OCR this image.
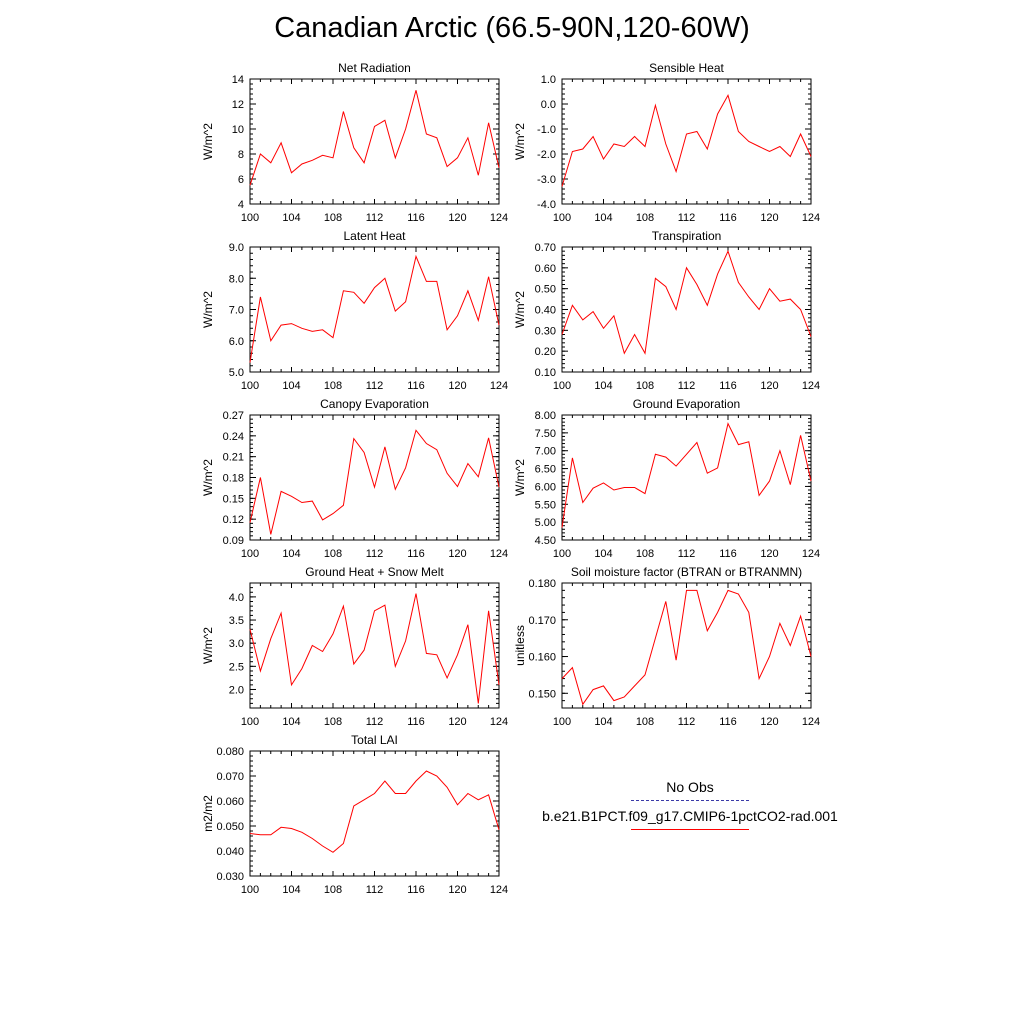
Canadian Arctic (66.5-90N,120-60W)
100 104 108 112 116 120 124
4
6
8
10
12
14
Net Radiation
W/m^2
100 104 108 112 116 120 124
-4.0
-3.0
-2.0
-1.0
0.0
1.0
Sensible Heat
W/m^2
100 104 108 112 116 120 124
5.0
6.0
7.0
8.0
9.0
Latent Heat
W/m^2
100 104 108 112 116 120 124
0.10
0.20
0.30
0.40
0.50
0.60
0.70
Transpiration
W/m^2
100 104 108 112 116 120 124
0.09
0.12
0.15
0.18
0.21
0.24
0.27
Canopy Evaporation
W/m^2
100 104 108 112 116 120 124
4.50
5.00
5.50
6.00
6.50
7.00
7.50
8.00
Ground Evaporation
W/m^2
100 104 108 112 116 120 124
2.0
2.5
3.0
3.5
4.0
Ground Heat + Snow Melt
W/m^2
100 104 108 112 116 120 124
0.150
0.160
0.170
0.180
Soil moisture factor (BTRAN or BTRANMN)
unitless
100 104 108 112 116 120 124
0.030
0.040
0.050
0.060
0.070
0.080
Total LAI
m2/m2
No Obs
b.e21.B1PCT.f09_g17.CMIP6-1pctCO2-rad.001
